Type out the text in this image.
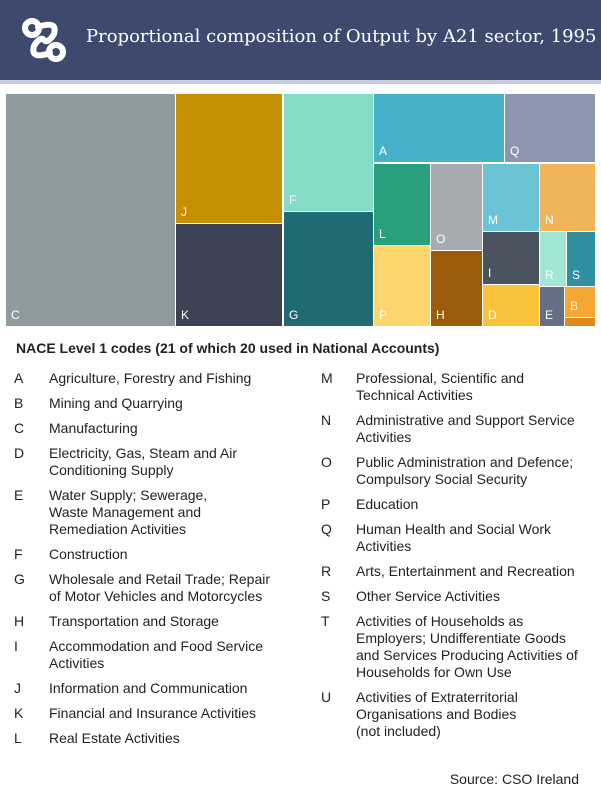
Proportional composition of Output by A21 sector, 1995
C
J
K
F
G
A	Q
L
P
O
H
M	N
I
D
R S
E
B
NACE Level 1 codes (21 of which 20 used in National Accounts)
A	Agriculture, Forestry and Fishing
B	Mining and Quarrying
C	Manufacturing
D	Electricity, Gas, Steam and Air
Conditioning Supply
E	Water Supply; Sewerage,
Waste Management and
Remediation Activities
F	Construction
G	Wholesale and Retail Trade; Repair
of Motor Vehicles and Motorcycles
H	Transportation and Storage
I	Accommodation and Food Service
Activities
J	Information and Communication
K	Financial and Insurance Activities
L	Real Estate Activities
M	Professional, Scientific and
Technical Activities
N	Administrative and Support Service
Activities
O	Public Administration and Defence;
Compulsory Social Security
P	Education
Q	Human Health and Social Work
Activities
R	Arts, Entertainment and Recreation
S	Other Service Activities
T	Activities of Households as
Employers; Undifferentiate Goods
and Services Producing Activities of
Households for Own Use
U	Activities of Extraterritorial
Organisations and Bodies
(not included)
Source: CSO Ireland
